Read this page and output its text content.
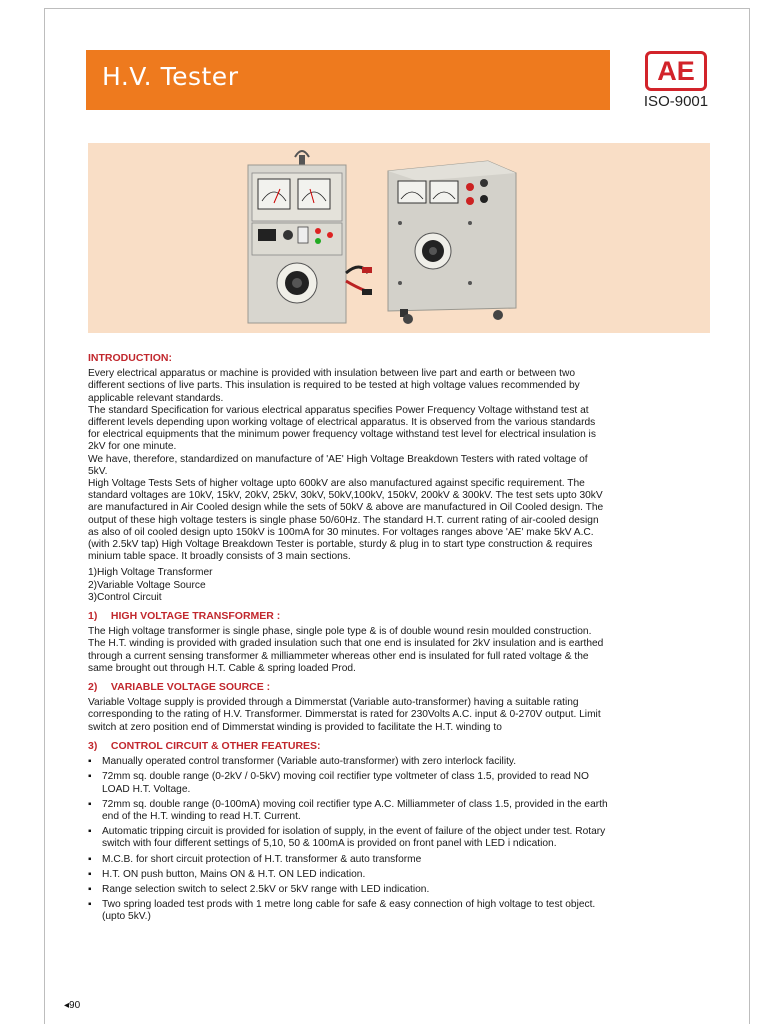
H.V. Tester	AE
ISO-9001
INTRODUCTION:

Every electrical apparatus or machine is provided with insulation between live part and earth or between two different sections of live parts. This insulation is required to be tested at high voltage values recommended by applicable relevant standards.

The standard Specification for various electrical apparatus specifies Power Frequency Voltage withstand test at different levels depending upon working voltage of electrical apparatus. It is observed from the various standards for electrical equipments that the minimum power frequency voltage withstand test level for electrical insulation is 2kV for one minute.

We have, therefore, standardized on manufacture of 'AE' High Voltage Breakdown Testers with rated voltage of 5kV.

High Voltage Tests Sets of higher voltage upto 600kV are also manufactured against specific requirement. The standard voltages are 10kV, 15kV, 20kV, 25kV, 30kV, 50kV,100kV, 150kV, 200kV & 300kV. The test sets upto 30kV are manufactured in Air Cooled design while the sets of 50kV & above are manufactured in Oil Cooled design. The output of these high voltage testers is single phase 50/60Hz. The standard H.T. current rating of air-cooled design as also of oil cooled design upto 150kV is 100mA for 30 minutes. For voltages ranges above 'AE' make 5kV A.C. (with 2.5kV tap) High Voltage Breakdown Tester is portable, sturdy & plug in to start type construction & requires minium table space. It broadly consists of 3 main sections.

1)High Voltage Transformer
2)Variable Voltage Source
3)Control Circuit
1) HIGH VOLTAGE TRANSFORMER :

The High voltage transformer is single phase, single pole type & is of double wound resin moulded construction. The H.T. winding is provided with graded insulation such that one end is insulated for 2kV insulation and is earthed through a current sensing transformer & milliammeter whereas other end is insulated for full rated voltage & the same brought out through H.T. Cable & spring loaded Prod.

2) VARIABLE VOLTAGE SOURCE :

Variable Voltage supply is provided through a Dimmerstat (Variable auto-transformer) having a suitable rating corresponding to the rating of H.V. Transformer. Dimmerstat is rated for 230Volts A.C. input & 0-270V output. Limit switch at zero position end of Dimmerstat winding is provided to facilitate the H.T. winding to

3) CONTROL CIRCUIT & OTHER FEATURES:
▪ Manually operated control transformer (Variable auto-transformer) with zero interlock facility.
▪ 72mm sq. double range (0-2kV / 0-5kV) moving coil rectifier type voltmeter of class 1.5, provided to read NO LOAD H.T. Voltage.
▪ 72mm sq. double range (0-100mA) moving coil rectifier type A.C. Milliammeter of class 1.5, provided in the earth end of the H.T. winding to read H.T. Current.
▪ Automatic tripping circuit is provided for isolation of supply, in the event of failure of the object under test. Rotary switch with four different settings of 5,10, 50 & 100mA is provided on front panel with LED i ndication.
▪ M.C.B. for short circuit protection of H.T. transformer & auto transforme
▪ H.T. ON push button, Mains ON & H.T. ON LED indication.
▪ Range selection switch to select 2.5kV or 5kV range with LED indication.
▪ Two spring loaded test prods with 1 metre long cable for safe & easy connection of high voltage to test object. (upto 5kV.)
◂90
